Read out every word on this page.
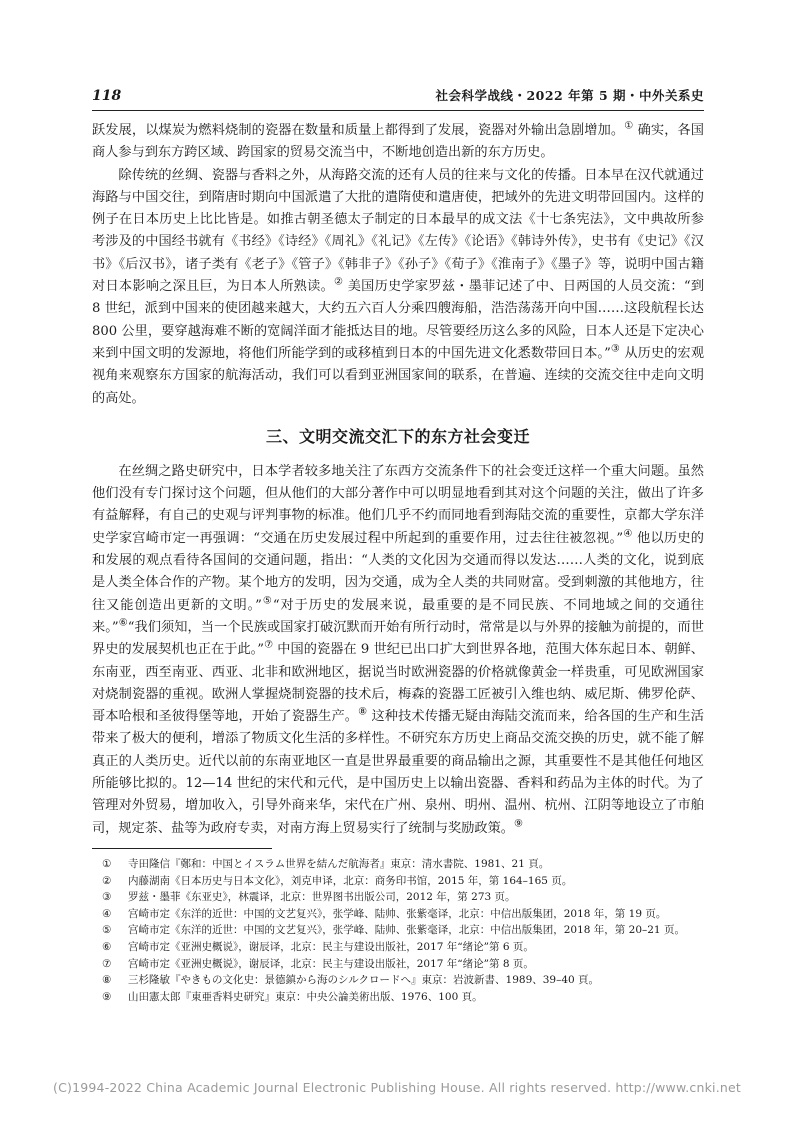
118	社会科学战线・2022 年第 5 期・中外关系史

跃发展，以煤炭为燃料烧制的瓷器在数量和质量上都得到了发展，瓷器对外输出急剧增加。① 确实，各国商人参与到东方跨区域、跨国家的贸易交流当中，不断地创造出新的东方历史。

除传统的丝绸、瓷器与香料之外，从海路交流的还有人员的往来与文化的传播。日本早在汉代就通过海路与中国交往，到隋唐时期向中国派遣了大批的遣隋使和遣唐使，把域外的先进文明带回国内。这样的例子在日本历史上比比皆是。如推古朝圣德太子制定的日本最早的成文法《十七条宪法》，文中典故所参考涉及的中国经书就有《书经》《诗经》《周礼》《礼记》《左传》《论语》《韩诗外传》，史书有《史记》《汉书》《后汉书》，诸子类有《老子》《管子》《韩非子》《孙子》《荀子》《淮南子》《墨子》等，说明中国古籍对日本影响之深且巨，为日本人所熟读。② 美国历史学家罗兹・墨菲记述了中、日两国的人员交流：“到 8 世纪，派到中国来的使团越来越大，大约五六百人分乘四艘海船，浩浩荡荡开向中国……这段航程长达 800 公里，要穿越海难不断的宽阔洋面才能抵达目的地。尽管要经历这么多的风险，日本人还是下定决心来到中国文明的发源地，将他们所能学到的或移植到日本的中国先进文化悉数带回日本。”③ 从历史的宏观视角来观察东方国家的航海活动，我们可以看到亚洲国家间的联系，在普遍、连续的交流交往中走向文明的高处。

三、文明交流交汇下的东方社会变迁

在丝绸之路史研究中，日本学者较多地关注了东西方交流条件下的社会变迁这样一个重大问题。虽然他们没有专门探讨这个问题，但从他们的大部分著作中可以明显地看到其对这个问题的关注，做出了许多有益解释，有自己的史观与评判事物的标准。他们几乎不约而同地看到海陆交流的重要性，京都大学东洋史学家宫崎市定一再强调：“交通在历史发展过程中所起到的重要作用，过去往往被忽视。”④ 他以历史的和发展的观点看待各国间的交通问题，指出：“人类的文化因为交通而得以发达……人类的文化，说到底是人类全体合作的产物。某个地方的发明，因为交通，成为全人类的共同财富。受到刺激的其他地方，往往又能创造出更新的文明。”⑤“对于历史的发展来说，最重要的是不同民族、不同地域之间的交通往来。”⑥“我们须知，当一个民族或国家打破沉默而开始有所行动时，常常是以与外界的接触为前提的，而世界史的发展契机也正在于此。”⑦ 中国的瓷器在 9 世纪已出口扩大到世界各地，范围大体东起日本、朝鲜、东南亚，西至南亚、西亚、北非和欧洲地区，据说当时欧洲瓷器的价格就像黄金一样贵重，可见欧洲国家对烧制瓷器的重视。欧洲人掌握烧制瓷器的技术后，梅森的瓷器工匠被引入维也纳、威尼斯、佛罗伦萨、哥本哈根和圣彼得堡等地，开始了瓷器生产。⑧ 这种技术传播无疑由海陆交流而来，给各国的生产和生活带来了极大的便利，增添了物质文化生活的多样性。不研究东方历史上商品交流交换的历史，就不能了解真正的人类历史。近代以前的东南亚地区一直是世界最重要的商品输出之源，其重要性不是其他任何地区所能够比拟的。12—14 世纪的宋代和元代，是中国历史上以输出瓷器、香料和药品为主体的时代。为了管理对外贸易，增加收入，引导外商来华，宋代在广州、泉州、明州、温州、杭州、江阴等地设立了市舶司，规定茶、盐等为政府专卖，对南方海上贸易实行了统制与奖励政策。⑨

①	寺田隆信『鄭和：中国とイスラム世界を結んだ航海者』東京：清水書院、1981、21 頁。
②	内藤湖南《日本历史与日本文化》，刘克申译，北京：商务印书馆，2015 年，第 164–165 页。
③	罗兹・墨菲《东亚史》，林震译，北京：世界图书出版公司，2012 年，第 273 页。
④	宫崎市定《东洋的近世：中国的文艺复兴》，张学峰、陆帅、张紫毫译，北京：中信出版集团，2018 年，第 19 页。
⑤	宫崎市定《东洋的近世：中国的文艺复兴》，张学峰、陆帅、张紫毫译，北京：中信出版集团，2018 年，第 20–21 页。
⑥	宫崎市定《亚洲史概说》，谢辰译，北京：民主与建设出版社，2017 年“绪论”第 6 页。
⑦	宫崎市定《亚洲史概说》，谢辰译，北京：民主与建设出版社，2017 年“绪论”第 8 页。
⑧	三杉隆敏『やきもの文化史：景德鎮から海のシルクロードへ』東京：岩波新書、1989、39–40 頁。
⑨	山田憲太郎『東亜香料史研究』東京：中央公論美術出版、1976、100 頁。
(C)1994-2022 China Academic Journal Electronic Publishing House. All rights reserved. http://www.cnki.net
